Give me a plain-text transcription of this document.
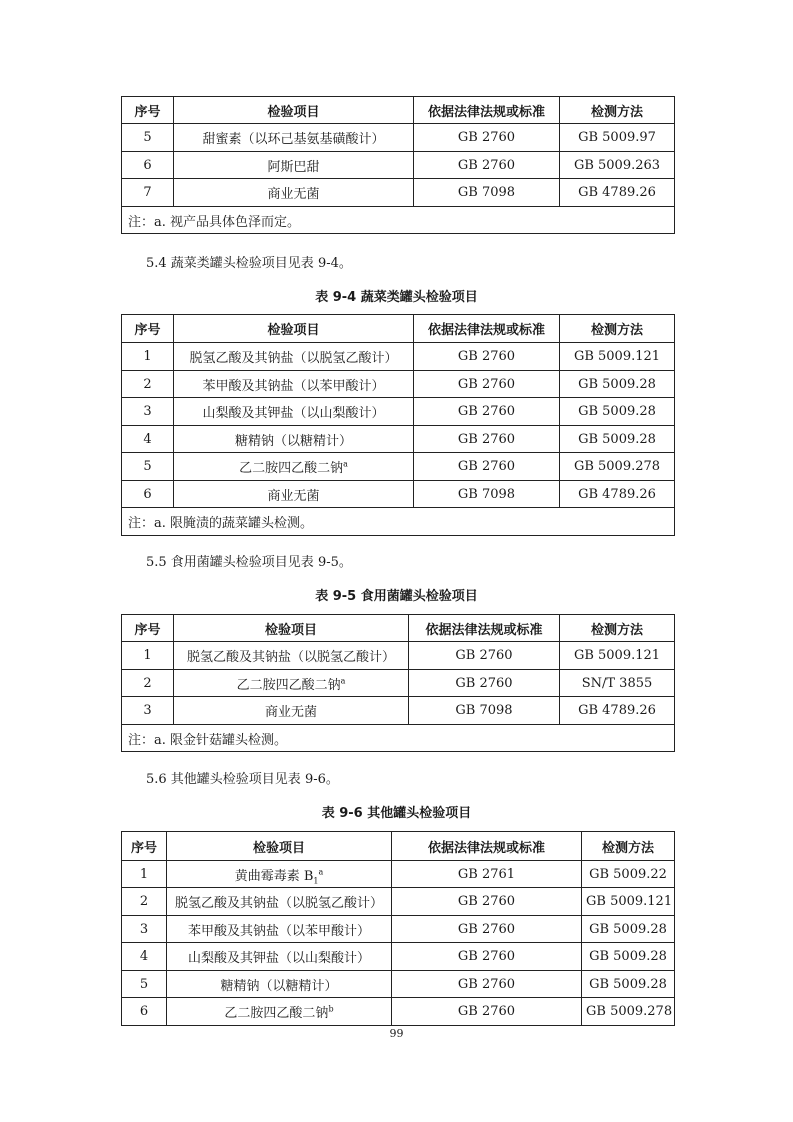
序号	检验项目	依据法律法规或标准	检测方法
5	甜蜜素（以环己基氨基磺酸计）	GB 2760	GB 5009.97
6	阿斯巴甜	GB 2760	GB 5009.263
7	商业无菌	GB 7098	GB 4789.26
注：a. 视产品具体色泽而定。			
5.4 蔬菜类罐头检验项目见表 9-4。
表 9-4 蔬菜类罐头检验项目
序号	检验项目	依据法律法规或标准	检测方法
1	脱氢乙酸及其钠盐（以脱氢乙酸计）	GB 2760	GB 5009.121
2	苯甲酸及其钠盐（以苯甲酸计）	GB 2760	GB 5009.28
3	山梨酸及其钾盐（以山梨酸计）	GB 2760	GB 5009.28
4	糖精钠（以糖精计）	GB 2760	GB 5009.28
5	乙二胺四乙酸二钠$^a$	GB 2760	GB 5009.278
6	商业无菌	GB 7098	GB 4789.26
注：a. 限腌渍的蔬菜罐头检测。			
5.5 食用菌罐头检验项目见表 9-5。
表 9-5 食用菌罐头检验项目
序号	检验项目	依据法律法规或标准	检测方法
1	脱氢乙酸及其钠盐（以脱氢乙酸计）	GB 2760	GB 5009.121
2	乙二胺四乙酸二钠$^a$	GB 2760	SN/T 3855
3	商业无菌	GB 7098	GB 4789.26
注：a. 限金针菇罐头检测。			
5.6 其他罐头检验项目见表 9-6。
表 9-6 其他罐头检验项目
序号	检验项目	依据法律法规或标准	检测方法
1	黄曲霉毒素 $B_1^a$	GB 2761	GB 5009.22
2	脱氢乙酸及其钠盐（以脱氢乙酸计）	GB 2760	GB 5009.121
3	苯甲酸及其钠盐（以苯甲酸计）	GB 2760	GB 5009.28
4	山梨酸及其钾盐（以山梨酸计）	GB 2760	GB 5009.28
5	糖精钠（以糖精计）	GB 2760	GB 5009.28
6	乙二胺四乙酸二钠$^b$	GB 2760	GB 5009.278
99
